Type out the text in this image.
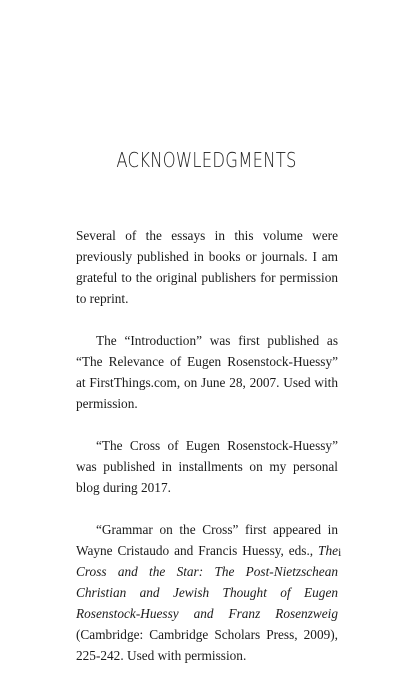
ACKNOWLEDGMENTS

Several of the essays in this volume were previously published in books or journals. I am grateful to the original publishers for permission to reprint.

The “Introduction” was first published as “The Relevance of Eugen Rosenstock-Huessy” at FirstThings.com, on June 28, 2007. Used with permission.

“The Cross of Eugen Rosenstock-Huessy” was published in installments on my personal blog during 2017.

“Grammar on the Cross” first appeared in Wayne Cristaudo and Francis Huessy, eds., The Cross and the Star: The Post-Nietzschean Christian and Jewish Thought of Eugen Rosenstock-Huessy and Franz Rosenzweig (Cambridge: Cambridge Scholars Press, 2009), 225-242. Used with permission.

i
